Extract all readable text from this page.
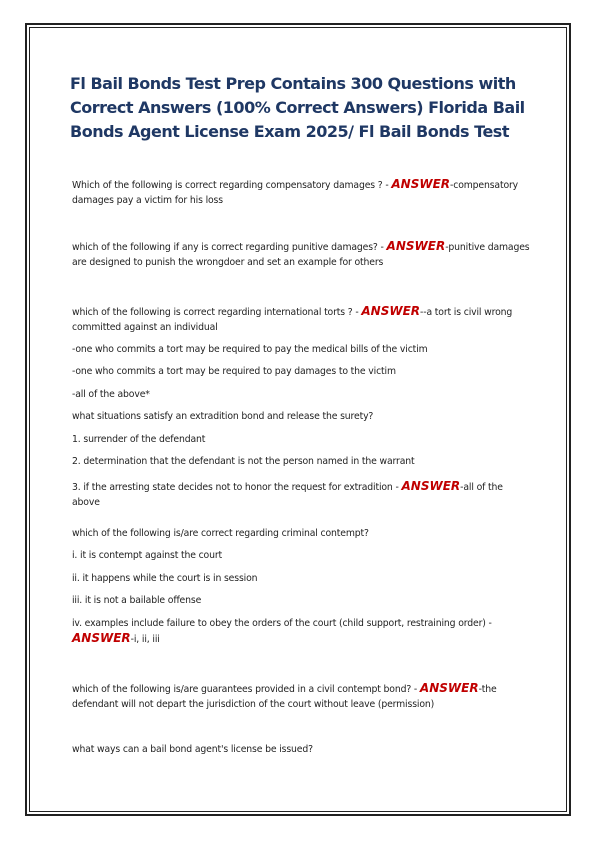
Fl Bail Bonds Test Prep Contains 300 Questions with Correct Answers (100% Correct Answers) Florida Bail Bonds Agent License Exam 2025/ Fl Bail Bonds Test

Which of the following is correct regarding compensatory damages ? - ANSWER-compensatory damages pay a victim for his loss

which of the following if any is correct regarding punitive damages? - ANSWER-punitive damages are designed to punish the wrongdoer and set an example for others

which of the following is correct regarding international torts ? - ANSWER--a tort is civil wrong committed against an individual

-one who commits a tort may be required to pay the medical bills of the victim

-one who commits a tort may be required to pay damages to the victim

-all of the above*

what situations satisfy an extradition bond and release the surety?

1. surrender of the defendant

2. determination that the defendant is not the person named in the warrant

3. if the arresting state decides not to honor the request for extradition - ANSWER-all of the above

which of the following is/are correct regarding criminal contempt?

i. it is contempt against the court

ii. it happens while the court is in session

iii. it is not a bailable offense

iv. examples include failure to obey the orders of the court (child support, restraining order) - ANSWER-i, ii, iii

which of the following is/are guarantees provided in a civil contempt bond? - ANSWER-the defendant will not depart the jurisdiction of the court without leave (permission)

what ways can a bail bond agent's license be issued?
